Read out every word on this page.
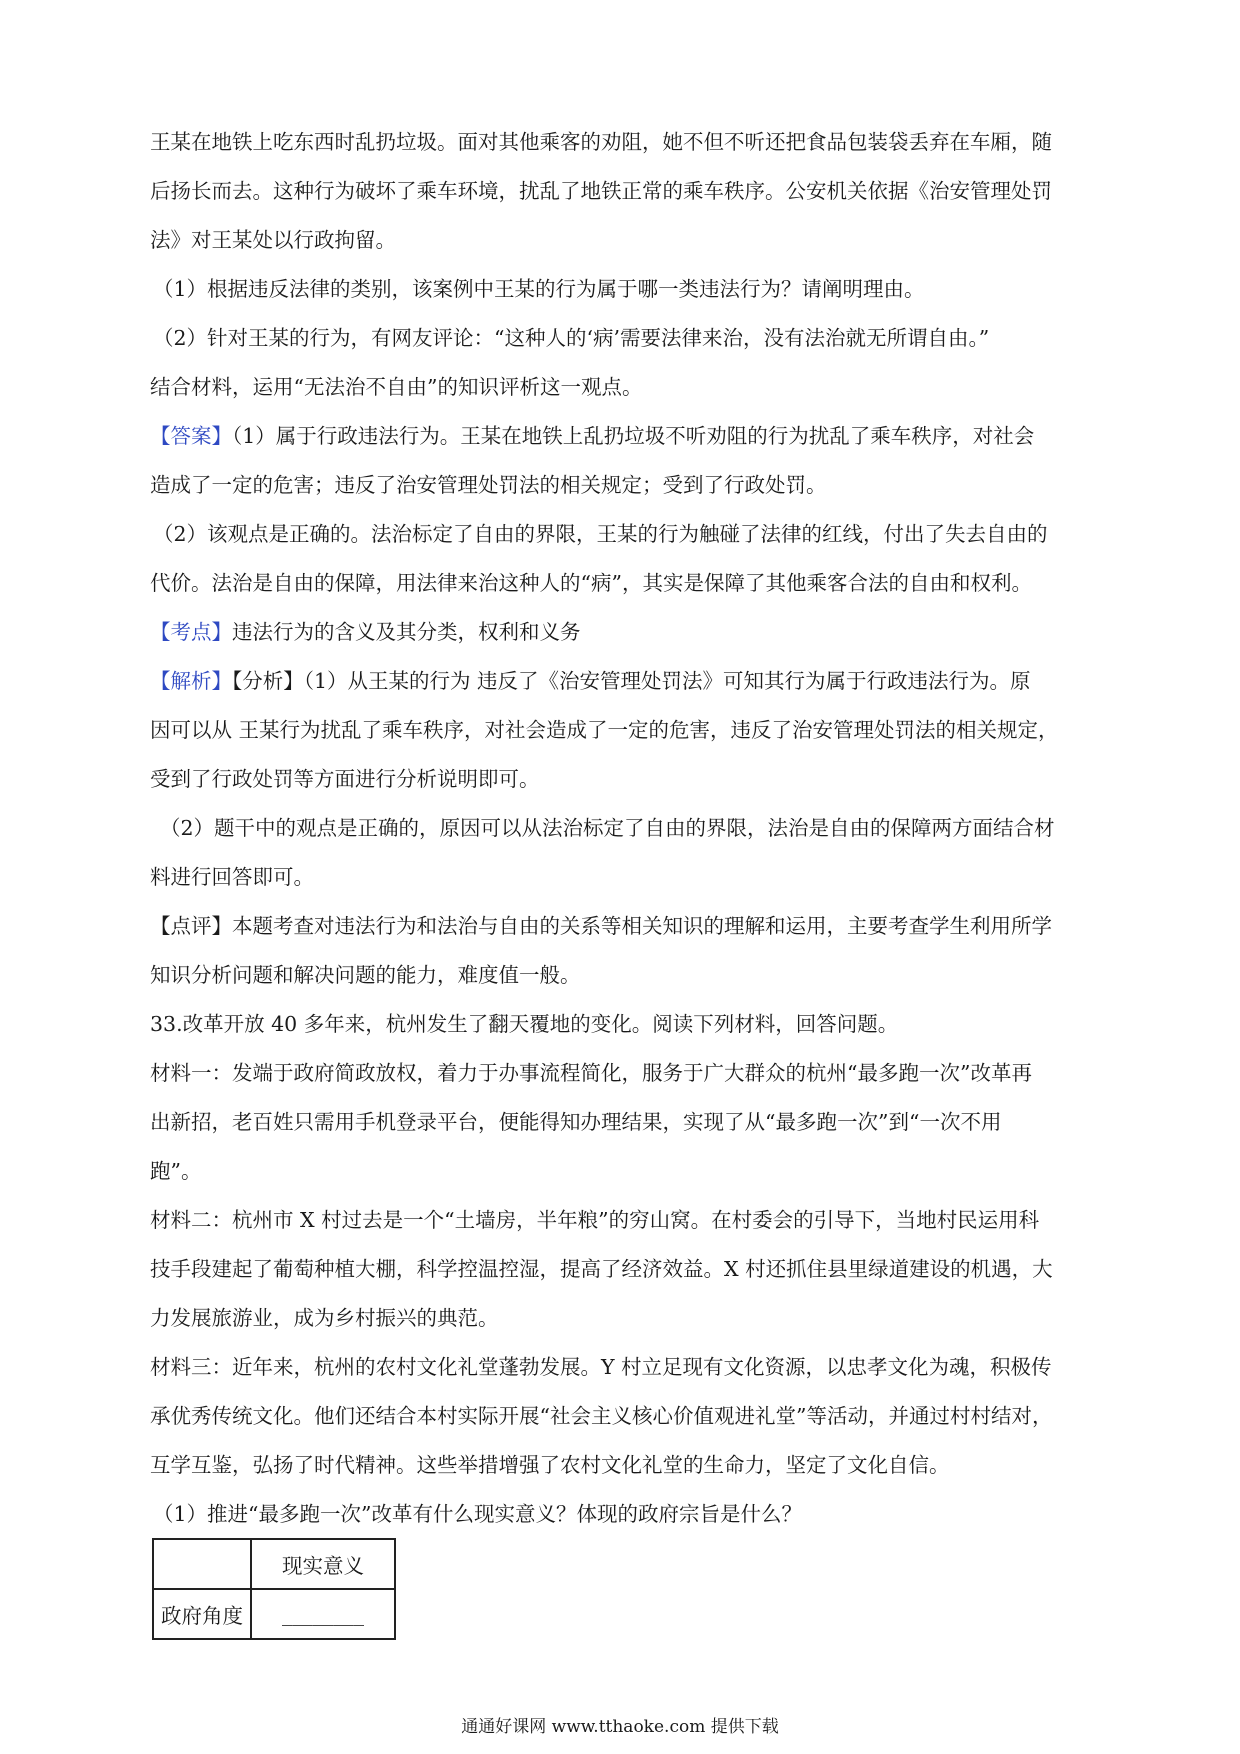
王某在地铁上吃东西时乱扔垃圾。面对其他乘客的劝阻，她不但不听还把食品包装袋丢弃在车厢，随

后扬长而去。这种行为破坏了乘车环境，扰乱了地铁正常的乘车秩序。公安机关依据《治安管理处罚

法》对王某处以行政拘留。

（1）根据违反法律的类别，该案例中王某的行为属于哪一类违法行为？请阐明理由。

（2）针对王某的行为，有网友评论：“这种人的‘病’需要法律来治，没有法治就无所谓自由。”

结合材料，运用“无法治不自由”的知识评析这一观点。

【答案】（1）属于行政违法行为。王某在地铁上乱扔垃圾不听劝阻的行为扰乱了乘车秩序，对社会

造成了一定的危害；违反了治安管理处罚法的相关规定；受到了行政处罚。

（2）该观点是正确的。法治标定了自由的界限，王某的行为触碰了法律的红线，付出了失去自由的

代价。法治是自由的保障，用法律来治这种人的“病”，其实是保障了其他乘客合法的自由和权利。

【考点】违法行为的含义及其分类，权利和义务

【解析】【分析】（1）从王某的行为 违反了《治安管理处罚法》可知其行为属于行政违法行为。原

因可以从 王某行为扰乱了乘车秩序，对社会造成了一定的危害，违反了治安管理处罚法的相关规定，

受到了行政处罚等方面进行分析说明即可。

（2）题干中的观点是正确的，原因可以从法治标定了自由的界限，法治是自由的保障两方面结合材

料进行回答即可。

【点评】本题考查对违法行为和法治与自由的关系等相关知识的理解和运用，主要考查学生利用所学

知识分析问题和解决问题的能力，难度值一般。

33.改革开放 40 多年来，杭州发生了翻天覆地的变化。阅读下列材料，回答问题。

材料一：发端于政府简政放权，着力于办事流程简化，服务于广大群众的杭州“最多跑一次”改革再

出新招，老百姓只需用手机登录平台，便能得知办理结果，实现了从“最多跑一次”到“一次不用

跑”。

材料二：杭州市 X 村过去是一个“土墙房，半年粮”的穷山窝。在村委会的引导下，当地村民运用科

技手段建起了葡萄种植大棚，科学控温控湿，提高了经济效益。X 村还抓住县里绿道建设的机遇，大

力发展旅游业，成为乡村振兴的典范。

材料三：近年来，杭州的农村文化礼堂蓬勃发展。Y 村立足现有文化资源，以忠孝文化为魂，积极传

承优秀传统文化。他们还结合本村实际开展“社会主义核心价值观进礼堂”等活动，并通过村村结对，

互学互鉴，弘扬了时代精神。这些举措增强了农村文化礼堂的生命力，坚定了文化自信。

（1）推进“最多跑一次”改革有什么现实意义？体现的政府宗旨是什么？

	现实意义
政府角度	________
通通好课网 www.tthaoke.com 提供下载
